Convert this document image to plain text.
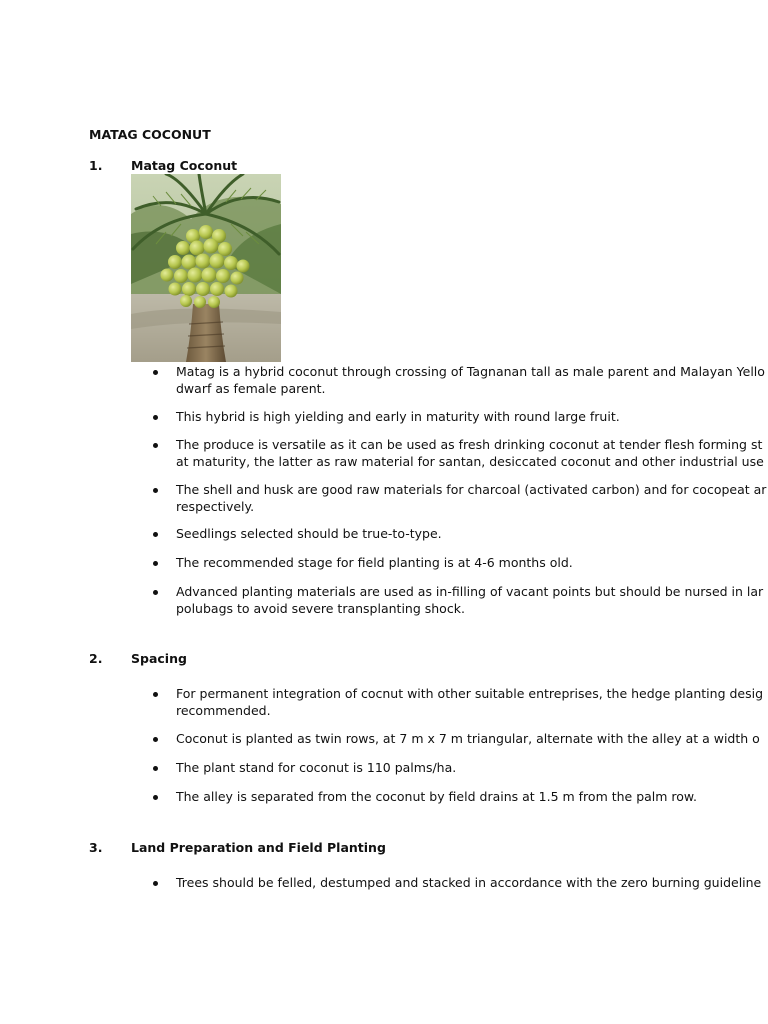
MATAG COCONUT
1. Matag Coconut
Matag is a hybrid coconut through crossing of Tagnanan tall as male parent and Malayan Yello
dwarf as female parent.
This hybrid is high yielding and early in maturity with round large fruit.
The produce is versatile as it can be used as fresh drinking coconut at tender flesh forming st
at maturity, the latter as raw material for santan, desiccated coconut and other industrial use
The shell and husk are good raw materials for charcoal (activated carbon) and for cocopeat ar
respectively.
Seedlings selected should be true-to-type.
The recommended stage for field planting is at 4-6 months old.
Advanced planting materials are used as in-filling of vacant points but should be nursed in lar
polubags to avoid severe transplanting shock.
2. Spacing
For permanent integration of cocnut with other suitable entreprises, the hedge planting desig
recommended.
Coconut is planted as twin rows, at 7 m x 7 m triangular, alternate with the alley at a width o
The plant stand for coconut is 110 palms/ha.
The alley is separated from the coconut by field drains at 1.5 m from the palm row.
3. Land Preparation and Field Planting
Trees should be felled, destumped and stacked in accordance with the zero burning guideline
